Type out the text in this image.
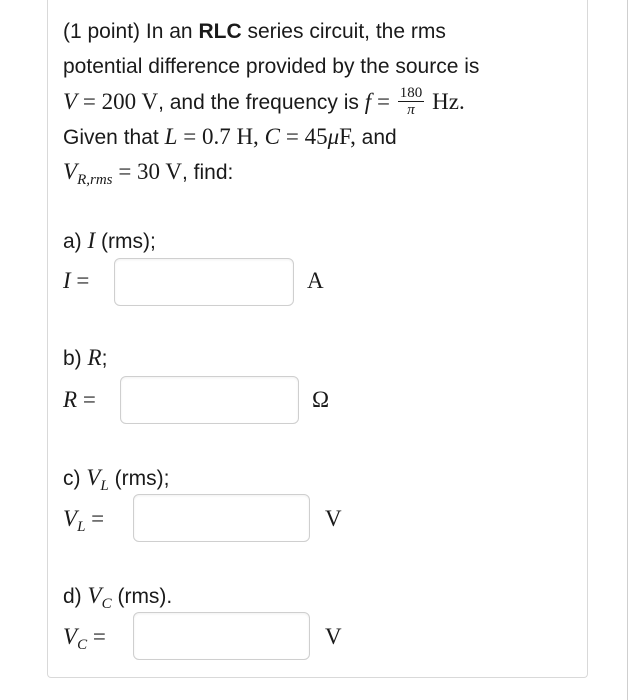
(1 point) In an RLC series circuit, the rms
potential difference provided by the source is
V = 200 V, and the frequency is $f = \frac{180}{\pi} Hz$.
Given that L = 0.7 H, C = 45μF, and
$V_{R,rms} = 30$ V, find:
a) I (rms);
I =	A
b) R;
R =	Ω
c) $V_L$ (rms);
$V_L$ =	V
d) $V_C$ (rms).
$V_C$ =	V
